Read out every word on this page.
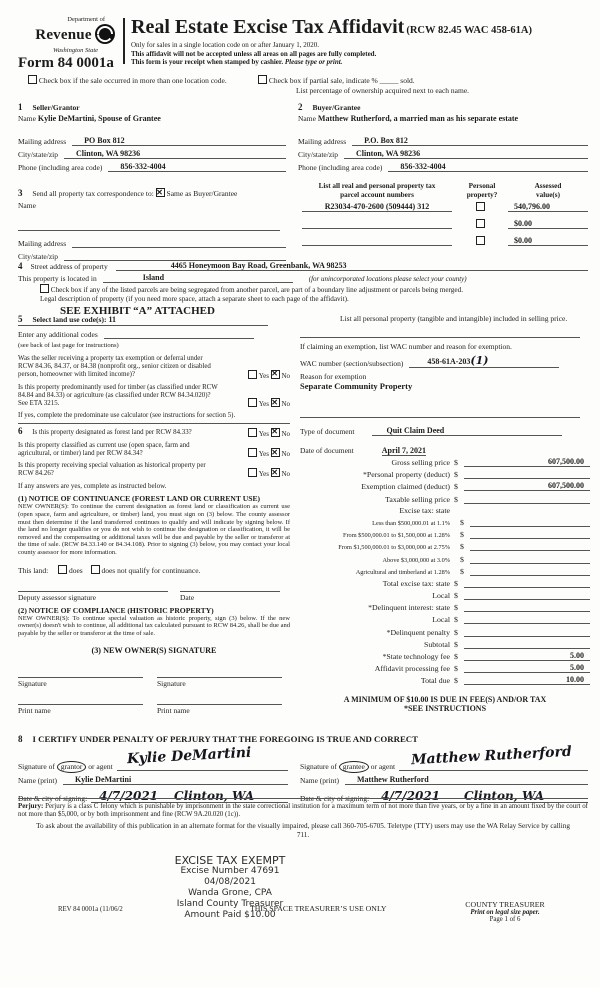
Department of
Revenue
Washington State
Real Estate Excise Tax Affidavit (RCW 82.45 WAC 458-61A)
Only for sales in a single location code on or after January 1, 2020.
This affidavit will not be accepted unless all areas on all pages are fully completed.
This form is your receipt when stamped by cashier. Please type or print.
Form 84 0001a
Check box if the sale occurred in more than one location code.	Check box if partial sale, indicate % _____ sold.
List percentage of ownership acquired next to each name.
1 Seller/Grantor
Name Kylie DeMartini, Spouse of Grantee
Mailing address	PO Box 812
City/state/zip	Clinton, WA 98236
Phone (including area code)	856-332-4004
2 Buyer/Grantee
Name Matthew Rutherford, a married man as his separate estate
Mailing address	P.O. Box 812
City/state/zip	Clinton, WA 98236
Phone (including area code)	856-332-4004
3 Send all property tax correspondence to: ✕ Same as Buyer/Grantee
Name
Mailing address
City/state/zip
List all real and personal property tax
parcel account numbers
Personal
property?
Assessed
value(s)
R23034-470-2600 (509444) 312	540,796.00
$0.00
$0.00
4 Street address of property	4465 Honeymoon Bay Road, Greenbank, WA 98253
This property is located in	Island	(for unincorporated locations please select your county)
Check box if any of the listed parcels are being segregated from another parcel, are part of a boundary line adjustment or parcels being merged.
Legal description of property (if you need more space, attach a separate sheet to each page of the affidavit).
SEE EXHIBIT “A” ATTACHED
5 Select land use code(s): 11
Enter any additional codes
(see back of last page for instructions)
Was the seller receiving a property tax exemption or deferral under RCW 84.36, 84.37, or 84.38 (nonprofit org., senior citizen or disabled person, homeowner with limited income)?	Yes ✕ No
Is this property predominantly used for timber (as classified under RCW 84.84 and 84.33) or agriculture (as classified under RCW 84.34.020)? See ETA 3215.	Yes ✕ No
If yes, complete the predominate use calculator (see instructions for section 5).
6 Is this property designated as forest land per RCW 84.33?	Yes ✕ No
Is this property classified as current use (open space, farm and agricultural, or timber) land per RCW 84.34?	Yes ✕ No
Is this property receiving special valuation as historical property per RCW 84.26?	Yes ✕ No
If any answers are yes, complete as instructed below.
(1) NOTICE OF CONTINUANCE (FOREST LAND OR CURRENT USE)
NEW OWNER(S): To continue the current designation as forest land or classification as current use (open space, farm and agriculture, or timber) land, you must sign on (3) below. The county assessor must then determine if the land transferred continues to qualify and will indicate by signing below. If the land no longer qualifies or you do not wish to continue the designation or classification, it will be removed and the compensating or additional taxes will be due and payable by the seller or transferor at the time of sale. (RCW 84.33.140 or 84.34.108). Prior to signing (3) below, you may contact your local county assessor for more information.
This land:	does	does not qualify for continuance.
Deputy assessor signature	Date
(2) NOTICE OF COMPLIANCE (HISTORIC PROPERTY)
NEW OWNER(S): To continue special valuation as historic property, sign (3) below. If the new owner(s) doesn't wish to continue, all additional tax calculated pursuant to RCW 84.26, shall be due and payable by the seller or transferor at the time of sale.
(3) NEW OWNER(S) SIGNATURE
Signature	Signature
Print name	Print name
List all personal property (tangible and intangible) included in selling price.
If claiming an exemption, list WAC number and reason for exemption.
WAC number (section/subsection)	458-61A-203(1)
Reason for exemption
Separate Community Property
Type of document	Quit Claim Deed
Date of document	April 7, 2021
Gross selling price $	607,500.00
*Personal property (deduct) $
Exemption claimed (deduct) $	607,500.00
Taxable selling price $
Excise tax: state
Less than $500,000.01 at 1.1%	$
From $500,000.01 to $1,500,000 at 1.28%	$
From $1,500,000.01 to $3,000,000 at 2.75%	$
Above $3,000,000 at 3.0%	$
Agricultural and timberland at 1.28%	$
Total excise tax: state $
Local $
*Delinquent interest: state $
Local $
*Delinquent penalty $
Subtotal $
*State technology fee $	5.00
Affidavit processing fee $	5.00
Total due $	10.00
A MINIMUM OF $10.00 IS DUE IN FEE(S) AND/OR TAX
*SEE INSTRUCTIONS
8 I CERTIFY UNDER PENALTY OF PERJURY THAT THE FOREGOING IS TRUE AND CORRECT
Signature of grantor or agent Kylie DeMartini
Name (print)	Kylie DeMartini
Date & city of signing:	4/7/2021 Clinton, WA
Signature of grantee or agent Matthew Rutherford
Name (print)	Matthew Rutherford
Date & city of signing:	4/7/2021 Clinton, WA
Perjury: Perjury is a class C felony which is punishable by imprisonment in the state correctional institution for a maximum term of not more than five years, or by a fine in an amount fixed by the court of not more than $5,000, or by both imprisonment and fine (RCW 9A.20.020 (1c)).
To ask about the availability of this publication in an alternate format for the visually impaired, please call 360-705-6705. Teletype (TTY) users may use the WA Relay Service by calling 711.
EXCISE TAX EXEMPT
Excise Number 47691
04/08/2021
Wanda Grone, CPA
Island County Treasurer
Amount Paid $10.00
REV 84 0001a (11/06/2	THIS SPACE TREASURER’S USE ONLY	COUNTY TREASURER
Print on legal size paper.
Page 1 of 6
